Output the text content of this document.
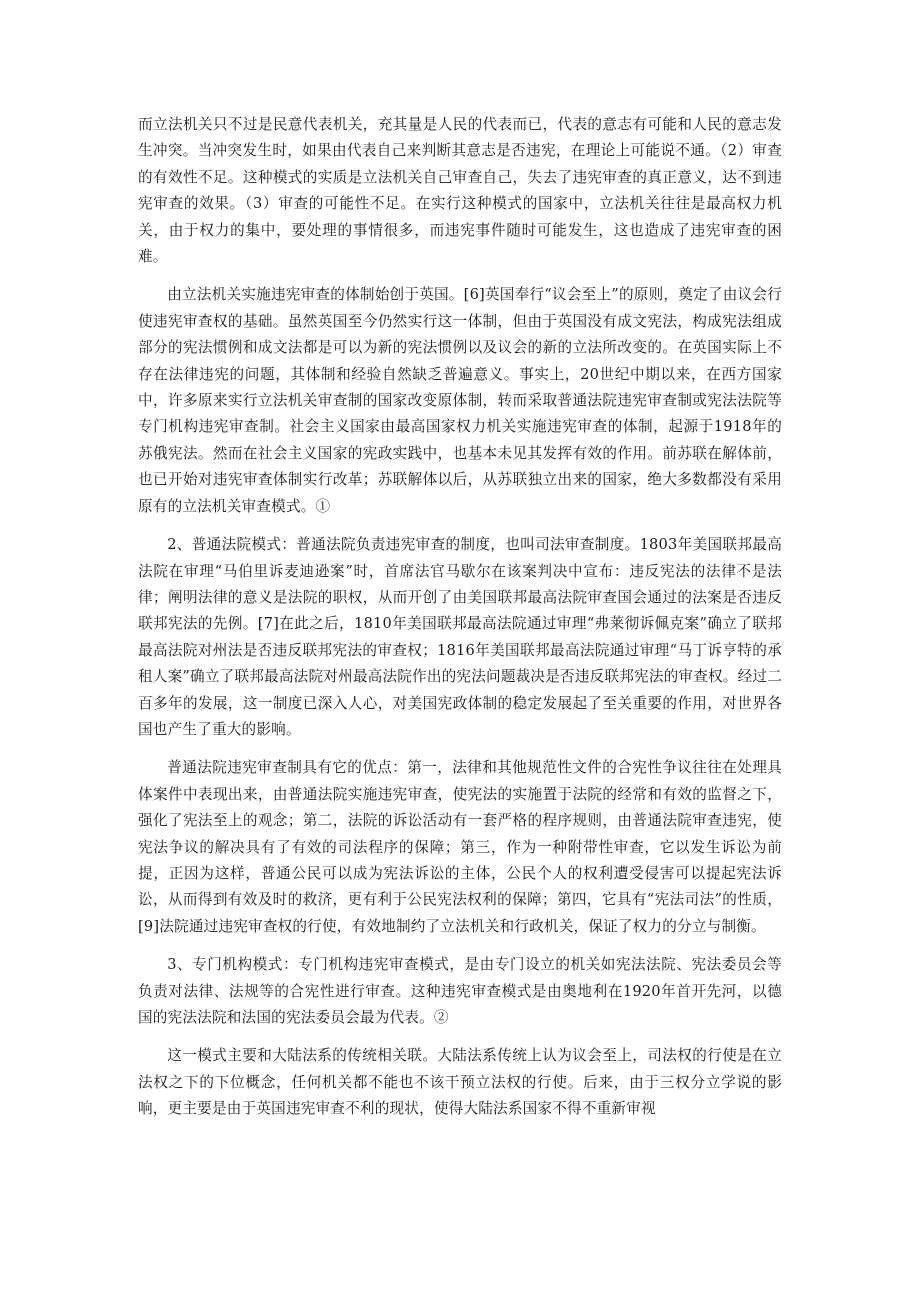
而立法机关只不过是民意代表机关，充其量是人民的代表而已，代表的意志有可能和人民的意志发生冲突。当冲突发生时，如果由代表自己来判断其意志是否违宪，在理论上可能说不通。（2）审查的有效性不足。这种模式的实质是立法机关自己审查自己，失去了违宪审查的真正意义，达不到违宪审查的效果。（3）审查的可能性不足。在实行这种模式的国家中，立法机关往往是最高权力机关，由于权力的集中，要处理的事情很多，而违宪事件随时可能发生，这也造成了违宪审查的困难。

由立法机关实施违宪审查的体制始创于英国。[6]英国奉行“议会至上”的原则，奠定了由议会行使违宪审查权的基础。虽然英国至今仍然实行这一体制，但由于英国没有成文宪法，构成宪法组成部分的宪法惯例和成文法都是可以为新的宪法惯例以及议会的新的立法所改变的。在英国实际上不存在法律违宪的问题，其体制和经验自然缺乏普遍意义。事实上，20世纪中期以来，在西方国家中，许多原来实行立法机关审查制的国家改变原体制，转而采取普通法院违宪审查制或宪法法院等专门机构违宪审查制。社会主义国家由最高国家权力机关实施违宪审查的体制，起源于1918年的苏俄宪法。然而在社会主义国家的宪政实践中，也基本未见其发挥有效的作用。前苏联在解体前，也已开始对违宪审查体制实行改革；苏联解体以后，从苏联独立出来的国家，绝大多数都没有采用原有的立法机关审查模式。①

2、普通法院模式：普通法院负责违宪审查的制度，也叫司法审查制度。1803年美国联邦最高法院在审理“马伯里诉麦迪逊案”时，首席法官马歇尔在该案判决中宣布：违反宪法的法律不是法律；阐明法律的意义是法院的职权，从而开创了由美国联邦最高法院审查国会通过的法案是否违反联邦宪法的先例。[7]在此之后，1810年美国联邦最高法院通过审理“弗莱彻诉佩克案”确立了联邦最高法院对州法是否违反联邦宪法的审查权；1816年美国联邦最高法院通过审理“马丁诉亨特的承租人案”确立了联邦最高法院对州最高法院作出的宪法问题裁决是否违反联邦宪法的审查权。经过二百多年的发展，这一制度已深入人心，对美国宪政体制的稳定发展起了至关重要的作用，对世界各国也产生了重大的影响。

普通法院违宪审查制具有它的优点：第一，法律和其他规范性文件的合宪性争议往往在处理具体案件中表现出来，由普通法院实施违宪审查，使宪法的实施置于法院的经常和有效的监督之下，强化了宪法至上的观念；第二，法院的诉讼活动有一套严格的程序规则，由普通法院审查违宪，使宪法争议的解决具有了有效的司法程序的保障；第三，作为一种附带性审查，它以发生诉讼为前提，正因为这样，普通公民可以成为宪法诉讼的主体，公民个人的权利遭受侵害可以提起宪法诉讼，从而得到有效及时的救济，更有利于公民宪法权利的保障；第四，它具有“宪法司法”的性质，[9]法院通过违宪审查权的行使，有效地制约了立法机关和行政机关，保证了权力的分立与制衡。

3、专门机构模式：专门机构违宪审查模式，是由专门设立的机关如宪法法院、宪法委员会等负责对法律、法规等的合宪性进行审查。这种违宪审查模式是由奥地利在1920年首开先河，以德国的宪法法院和法国的宪法委员会最为代表。②

这一模式主要和大陆法系的传统相关联。大陆法系传统上认为议会至上，司法权的行使是在立法权之下的下位概念，任何机关都不能也不该干预立法权的行使。后来，由于三权分立学说的影响，更主要是由于英国违宪审查不利的现状，使得大陆法系国家不得不重新审视
